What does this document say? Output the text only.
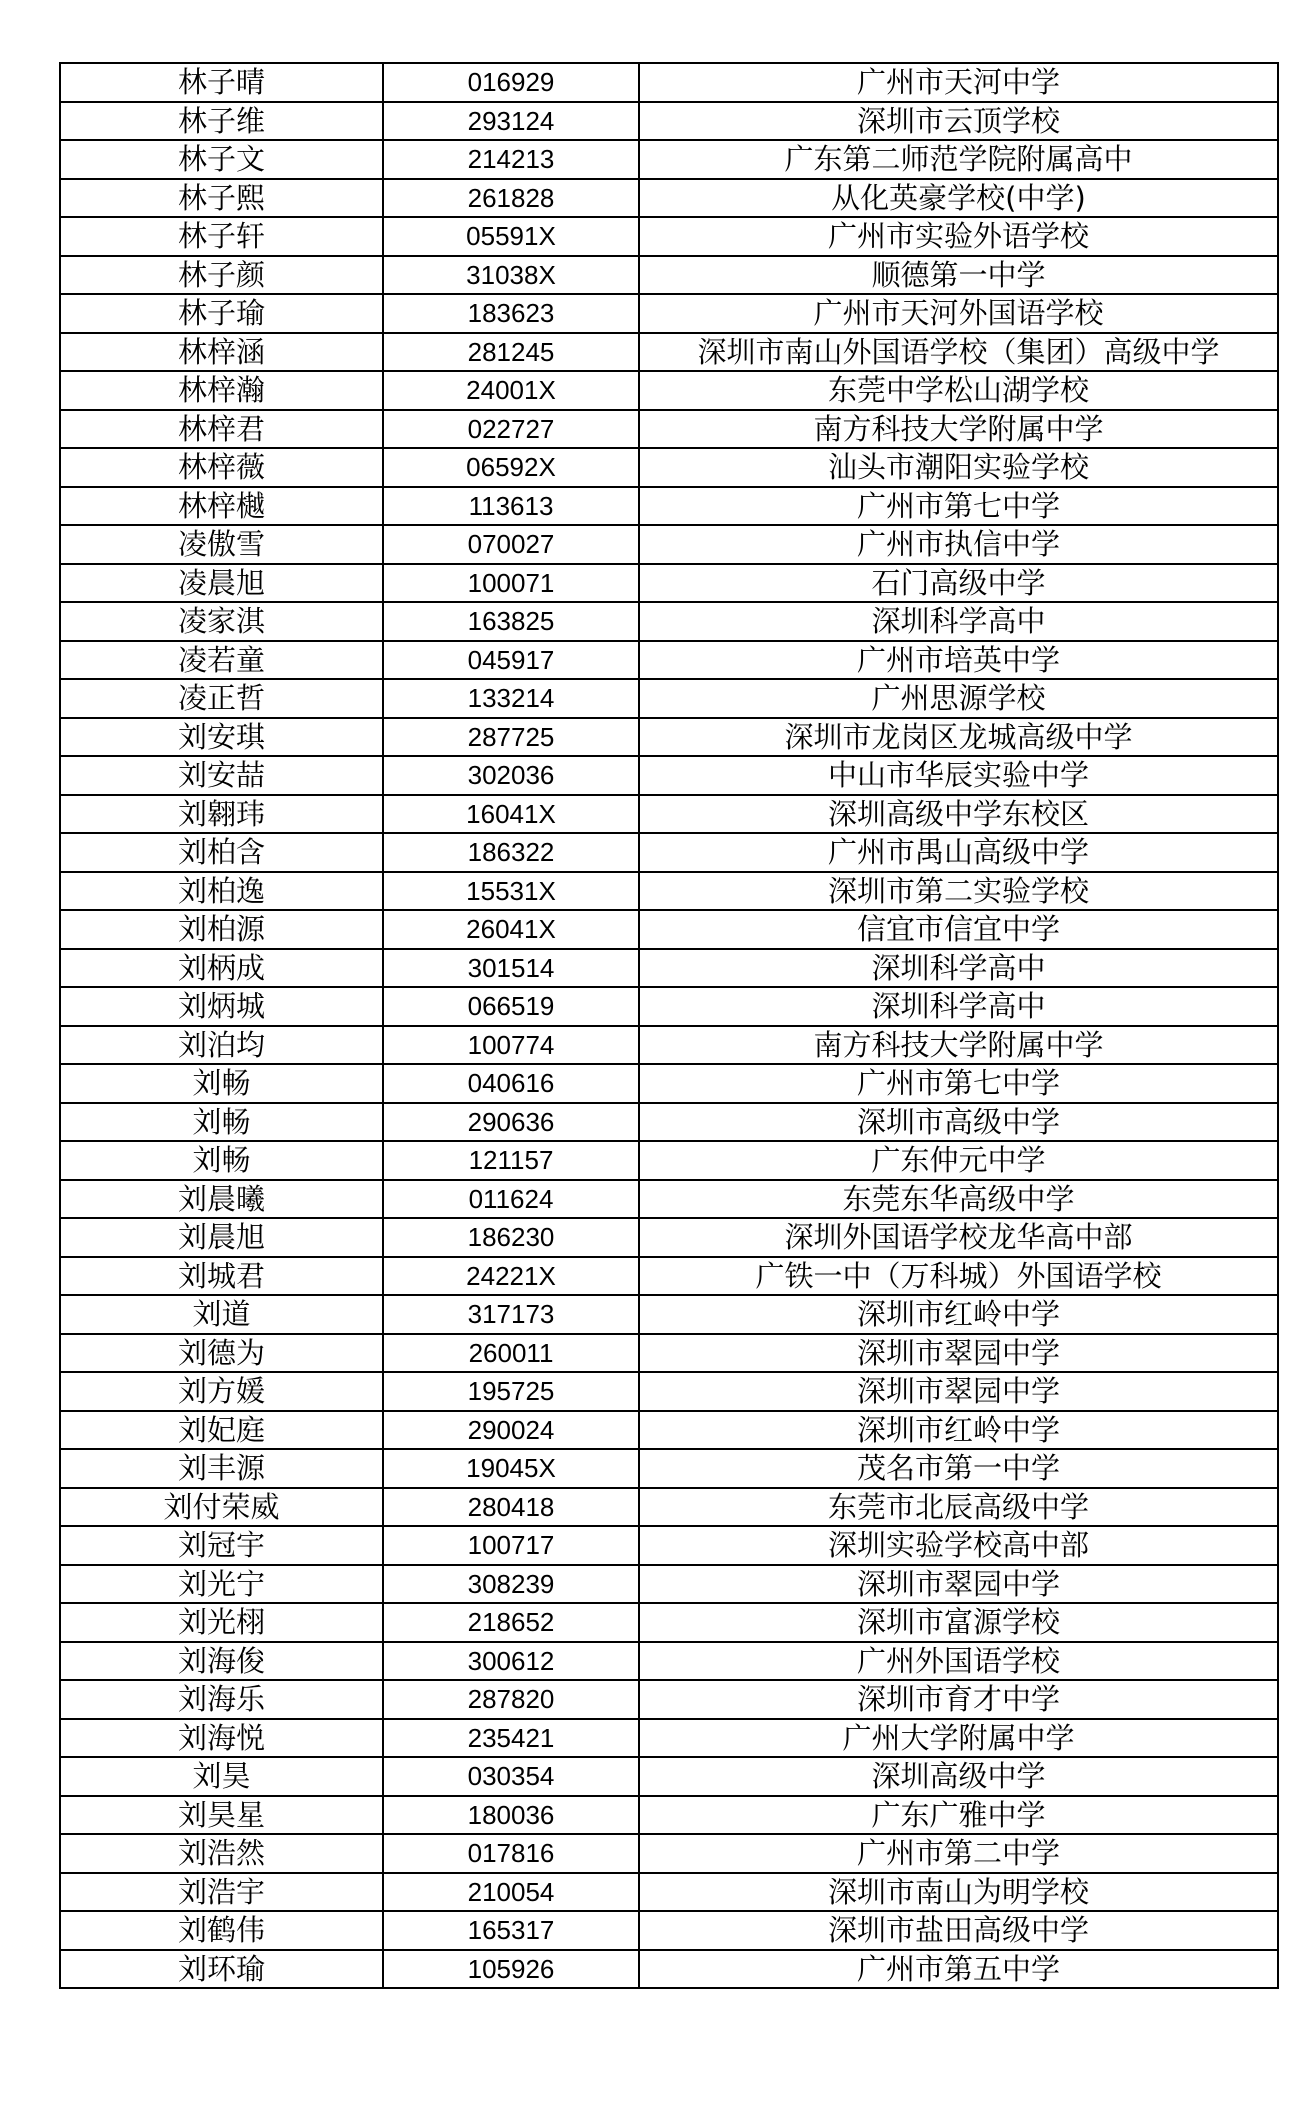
林子晴	016929	广州市天河中学
林子维	293124	深圳市云顶学校
林子文	214213	广东第二师范学院附属高中
林子熙	261828	从化英豪学校(中学)
林子轩	05591X	广州市实验外语学校
林子颜	31038X	顺德第一中学
林子瑜	183623	广州市天河外国语学校
林梓涵	281245	深圳市南山外国语学校（集团）高级中学
林梓瀚	24001X	东莞中学松山湖学校
林梓君	022727	南方科技大学附属中学
林梓薇	06592X	汕头市潮阳实验学校
林梓樾	113613	广州市第七中学
凌傲雪	070027	广州市执信中学
凌晨旭	100071	石门高级中学
凌家淇	163825	深圳科学高中
凌若童	045917	广州市培英中学
凌正哲	133214	广州思源学校
刘安琪	287725	深圳市龙岗区龙城高级中学
刘安喆	302036	中山市华辰实验中学
刘翱玮	16041X	深圳高级中学东校区
刘柏含	186322	广州市禺山高级中学
刘柏逸	15531X	深圳市第二实验学校
刘柏源	26041X	信宜市信宜中学
刘柄成	301514	深圳科学高中
刘炳城	066519	深圳科学高中
刘泊均	100774	南方科技大学附属中学
刘畅	040616	广州市第七中学
刘畅	290636	深圳市高级中学
刘畅	121157	广东仲元中学
刘晨曦	011624	东莞东华高级中学
刘晨旭	186230	深圳外国语学校龙华高中部
刘城君	24221X	广铁一中（万科城）外国语学校
刘道	317173	深圳市红岭中学
刘德为	260011	深圳市翠园中学
刘方媛	195725	深圳市翠园中学
刘妃庭	290024	深圳市红岭中学
刘丰源	19045X	茂名市第一中学
刘付荣威	280418	东莞市北辰高级中学
刘冠宇	100717	深圳实验学校高中部
刘光宁	308239	深圳市翠园中学
刘光栩	218652	深圳市富源学校
刘海俊	300612	广州外国语学校
刘海乐	287820	深圳市育才中学
刘海悦	235421	广州大学附属中学
刘昊	030354	深圳高级中学
刘昊星	180036	广东广雅中学
刘浩然	017816	广州市第二中学
刘浩宇	210054	深圳市南山为明学校
刘鹤伟	165317	深圳市盐田高级中学
刘环瑜	105926	广州市第五中学
